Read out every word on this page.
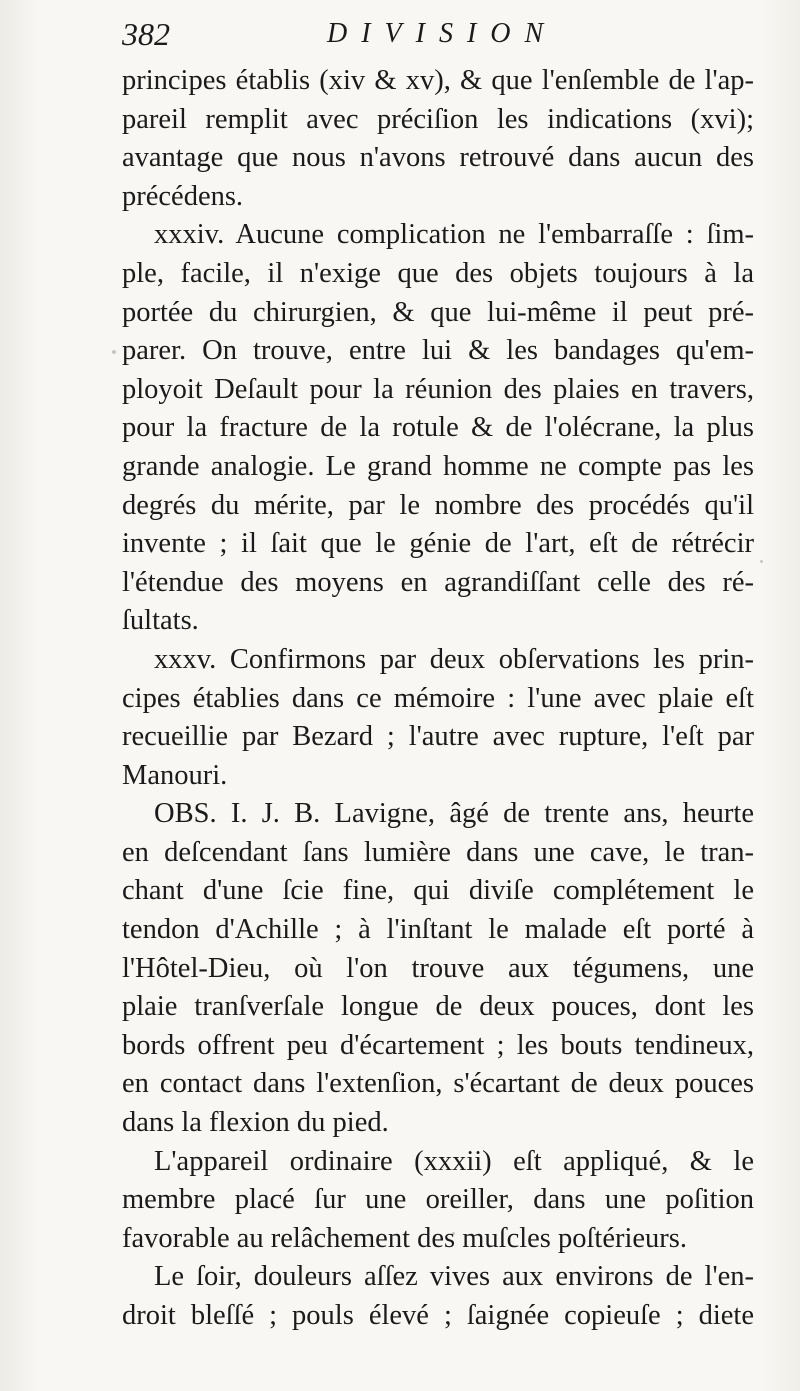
382	DIVISION
principes établis (xiv & xv), & que l'enſemble de l'ap-
pareil remplit avec préciſion les indications (xvi);
avantage que nous n'avons retrouvé dans aucun des
précédens.
xxxiv. Aucune complication ne l'embarraſſe : ſim-
ple, facile, il n'exige que des objets toujours à la
portée du chirurgien, & que lui-même il peut pré-
parer. On trouve, entre lui & les bandages qu'em-
ployoit Deſault pour la réunion des plaies en travers,
pour la fracture de la rotule & de l'olécrane, la plus
grande analogie. Le grand homme ne compte pas les
degrés du mérite, par le nombre des procédés qu'il
invente ; il ſait que le génie de l'art, eſt de rétrécir
l'étendue des moyens en agrandiſſant celle des ré-
ſultats.
xxxv. Confirmons par deux obſervations les prin-
cipes établies dans ce mémoire : l'une avec plaie eſt
recueillie par Bezard ; l'autre avec rupture, l'eſt par
Manouri.
OBS. I. J. B. Lavigne, âgé de trente ans, heurte
en deſcendant ſans lumière dans une cave, le tran-
chant d'une ſcie fine, qui diviſe complétement le
tendon d'Achille ; à l'inſtant le malade eſt porté à
l'Hôtel-Dieu, où l'on trouve aux tégumens, une
plaie tranſverſale longue de deux pouces, dont les
bords offrent peu d'écartement ; les bouts tendineux,
en contact dans l'extenſion, s'écartant de deux pouces
dans la flexion du pied.
L'appareil ordinaire (xxxii) eſt appliqué, & le
membre placé ſur une oreiller, dans une poſition
favorable au relâchement des muſcles poſtérieurs.
Le ſoir, douleurs aſſez vives aux environs de l'en-
droit bleſſé ; pouls élevé ; ſaignée copieuſe ; diete
